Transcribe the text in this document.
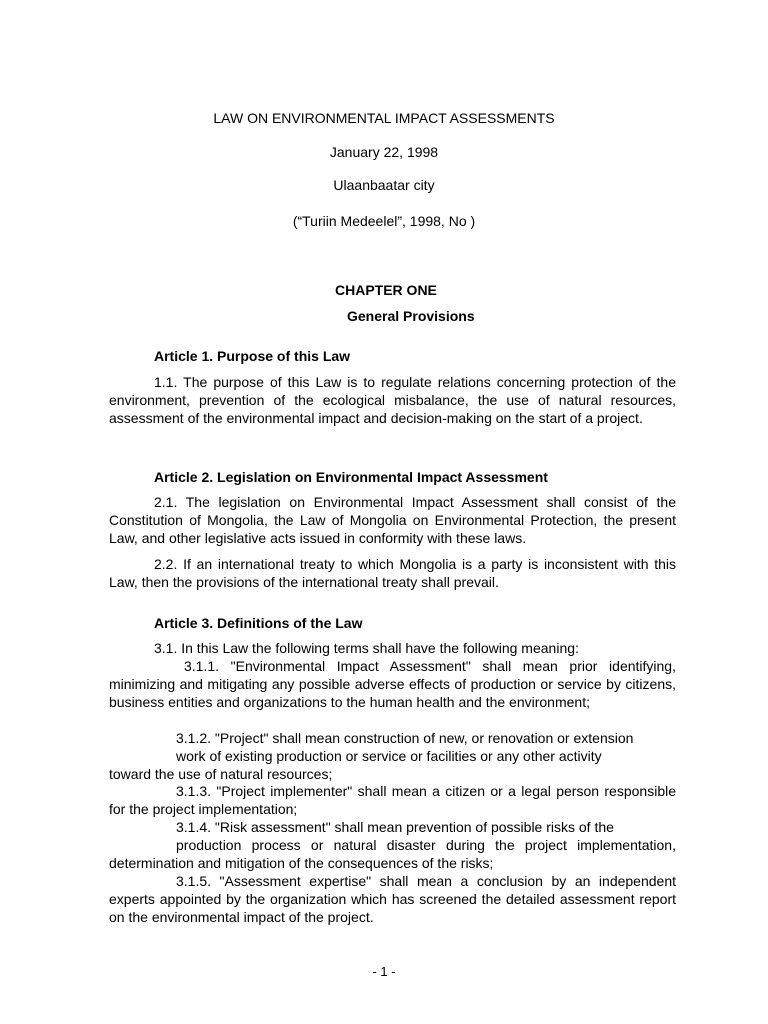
LAW ON ENVIRONMENTAL IMPACT ASSESSMENTS
January 22, 1998
Ulaanbaatar city
(“Turiin Medeelel”, 1998, No )
CHAPTER ONE
General Provisions
Article 1. Purpose of this Law

1.1. The purpose of this Law is to regulate relations concerning protection of the environment, prevention of the ecological misbalance, the use of natural resources, assessment of the environmental impact and decision-making on the start of a project.

Article 2. Legislation on Environmental Impact Assessment

2.1. The legislation on Environmental Impact Assessment shall consist of the Constitution of Mongolia, the Law of Mongolia on Environmental Protection, the present Law, and other legislative acts issued in conformity with these laws.

2.2. If an international treaty to which Mongolia is a party is inconsistent with this Law, then the provisions of the international treaty shall prevail.

Article 3. Definitions of the Law
3.1. In this Law the following terms shall have the following meaning:

3.1.1. "Environmental Impact Assessment" shall mean prior identifying, minimizing and mitigating any possible adverse effects of production or service by citizens, business entities and organizations to the human health and the environment;

3.1.2. "Project" shall mean construction of new, or renovation or extension

work of existing production or service or facilities or any other activity

toward the use of natural resources;

3.1.3. "Project implementer" shall mean a citizen or a legal person responsible for the project implementation;

3.1.4. "Risk assessment" shall mean prevention of possible risks of the

production process or natural disaster during the project implementation, determination and mitigation of the consequences of the risks;

3.1.5. "Assessment expertise" shall mean a conclusion by an independent experts appointed by the organization which has screened the detailed assessment report on the environmental impact of the project.

- 1 -
